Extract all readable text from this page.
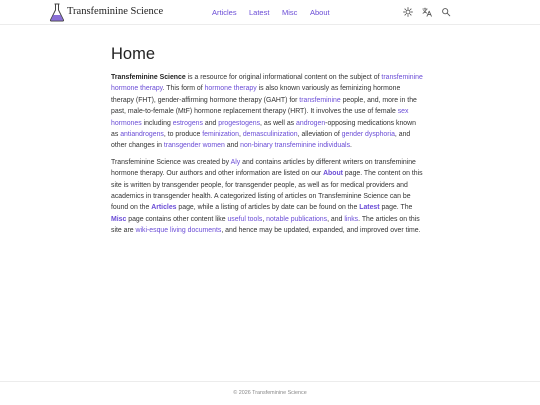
Transfeminine Science	Articles Latest Misc About
Home

Transfeminine Science is a resource for original informational content on the subject of transfeminine hormone therapy. This form of hormone therapy is also known variously as feminizing hormone therapy (FHT), gender-affirming hormone therapy (GAHT) for transfeminine people, and, more in the past, male-to-female (MtF) hormone replacement therapy (HRT). It involves the use of female sex hormones including estrogens and progestogens, as well as androgen-opposing medications known as antiandrogens, to produce feminization, demasculinization, alleviation of gender dysphoria, and other changes in transgender women and non-binary transfeminine individuals.

Transfeminine Science was created by Aly and contains articles by different writers on transfeminine hormone therapy. Our authors and other information are listed on our About page. The content on this site is written by transgender people, for transgender people, as well as for medical providers and academics in transgender health. A categorized listing of articles on Transfeminine Science can be found on the Articles page, while a listing of articles by date can be found on the Latest page. The Misc page contains other content like useful tools, notable publications, and links. The articles on this site are wiki-esque living documents, and hence may be updated, expanded, and improved over time.

© 2026 Transfeminine Science
